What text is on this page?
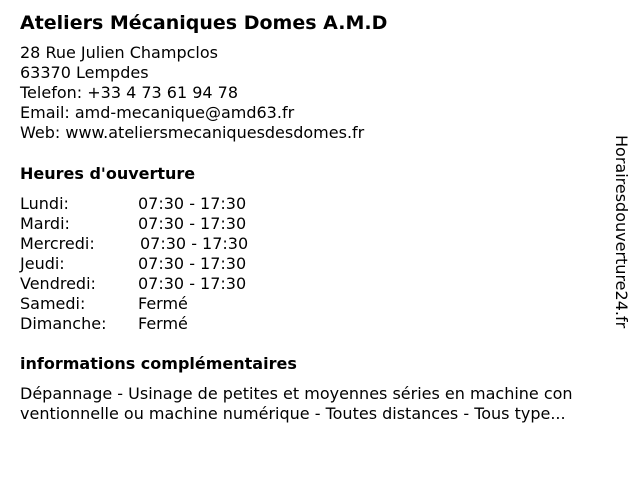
Ateliers Mécaniques Domes A.M.D
28 Rue Julien Champclos
63370 Lempdes
Telefon: +33 4 73 61 94 78
Email: amd-mecanique@amd63.fr
Web: www.ateliersmecaniquesdesdomes.fr
Heures d'ouverture
Lundi:	07:30 - 17:30
Mardi:	07:30 - 17:30
Mercredi:	07:30 - 17:30
Jeudi:	07:30 - 17:30
Vendredi:	07:30 - 17:30
Samedi:	Fermé
Dimanche: Fermé
informations complémentaires
Dépannage - Usinage de petites et moyennes séries en machine con
ventionnelle ou machine numérique - Toutes distances - Tous type...
Horairesdouverture24.fr
